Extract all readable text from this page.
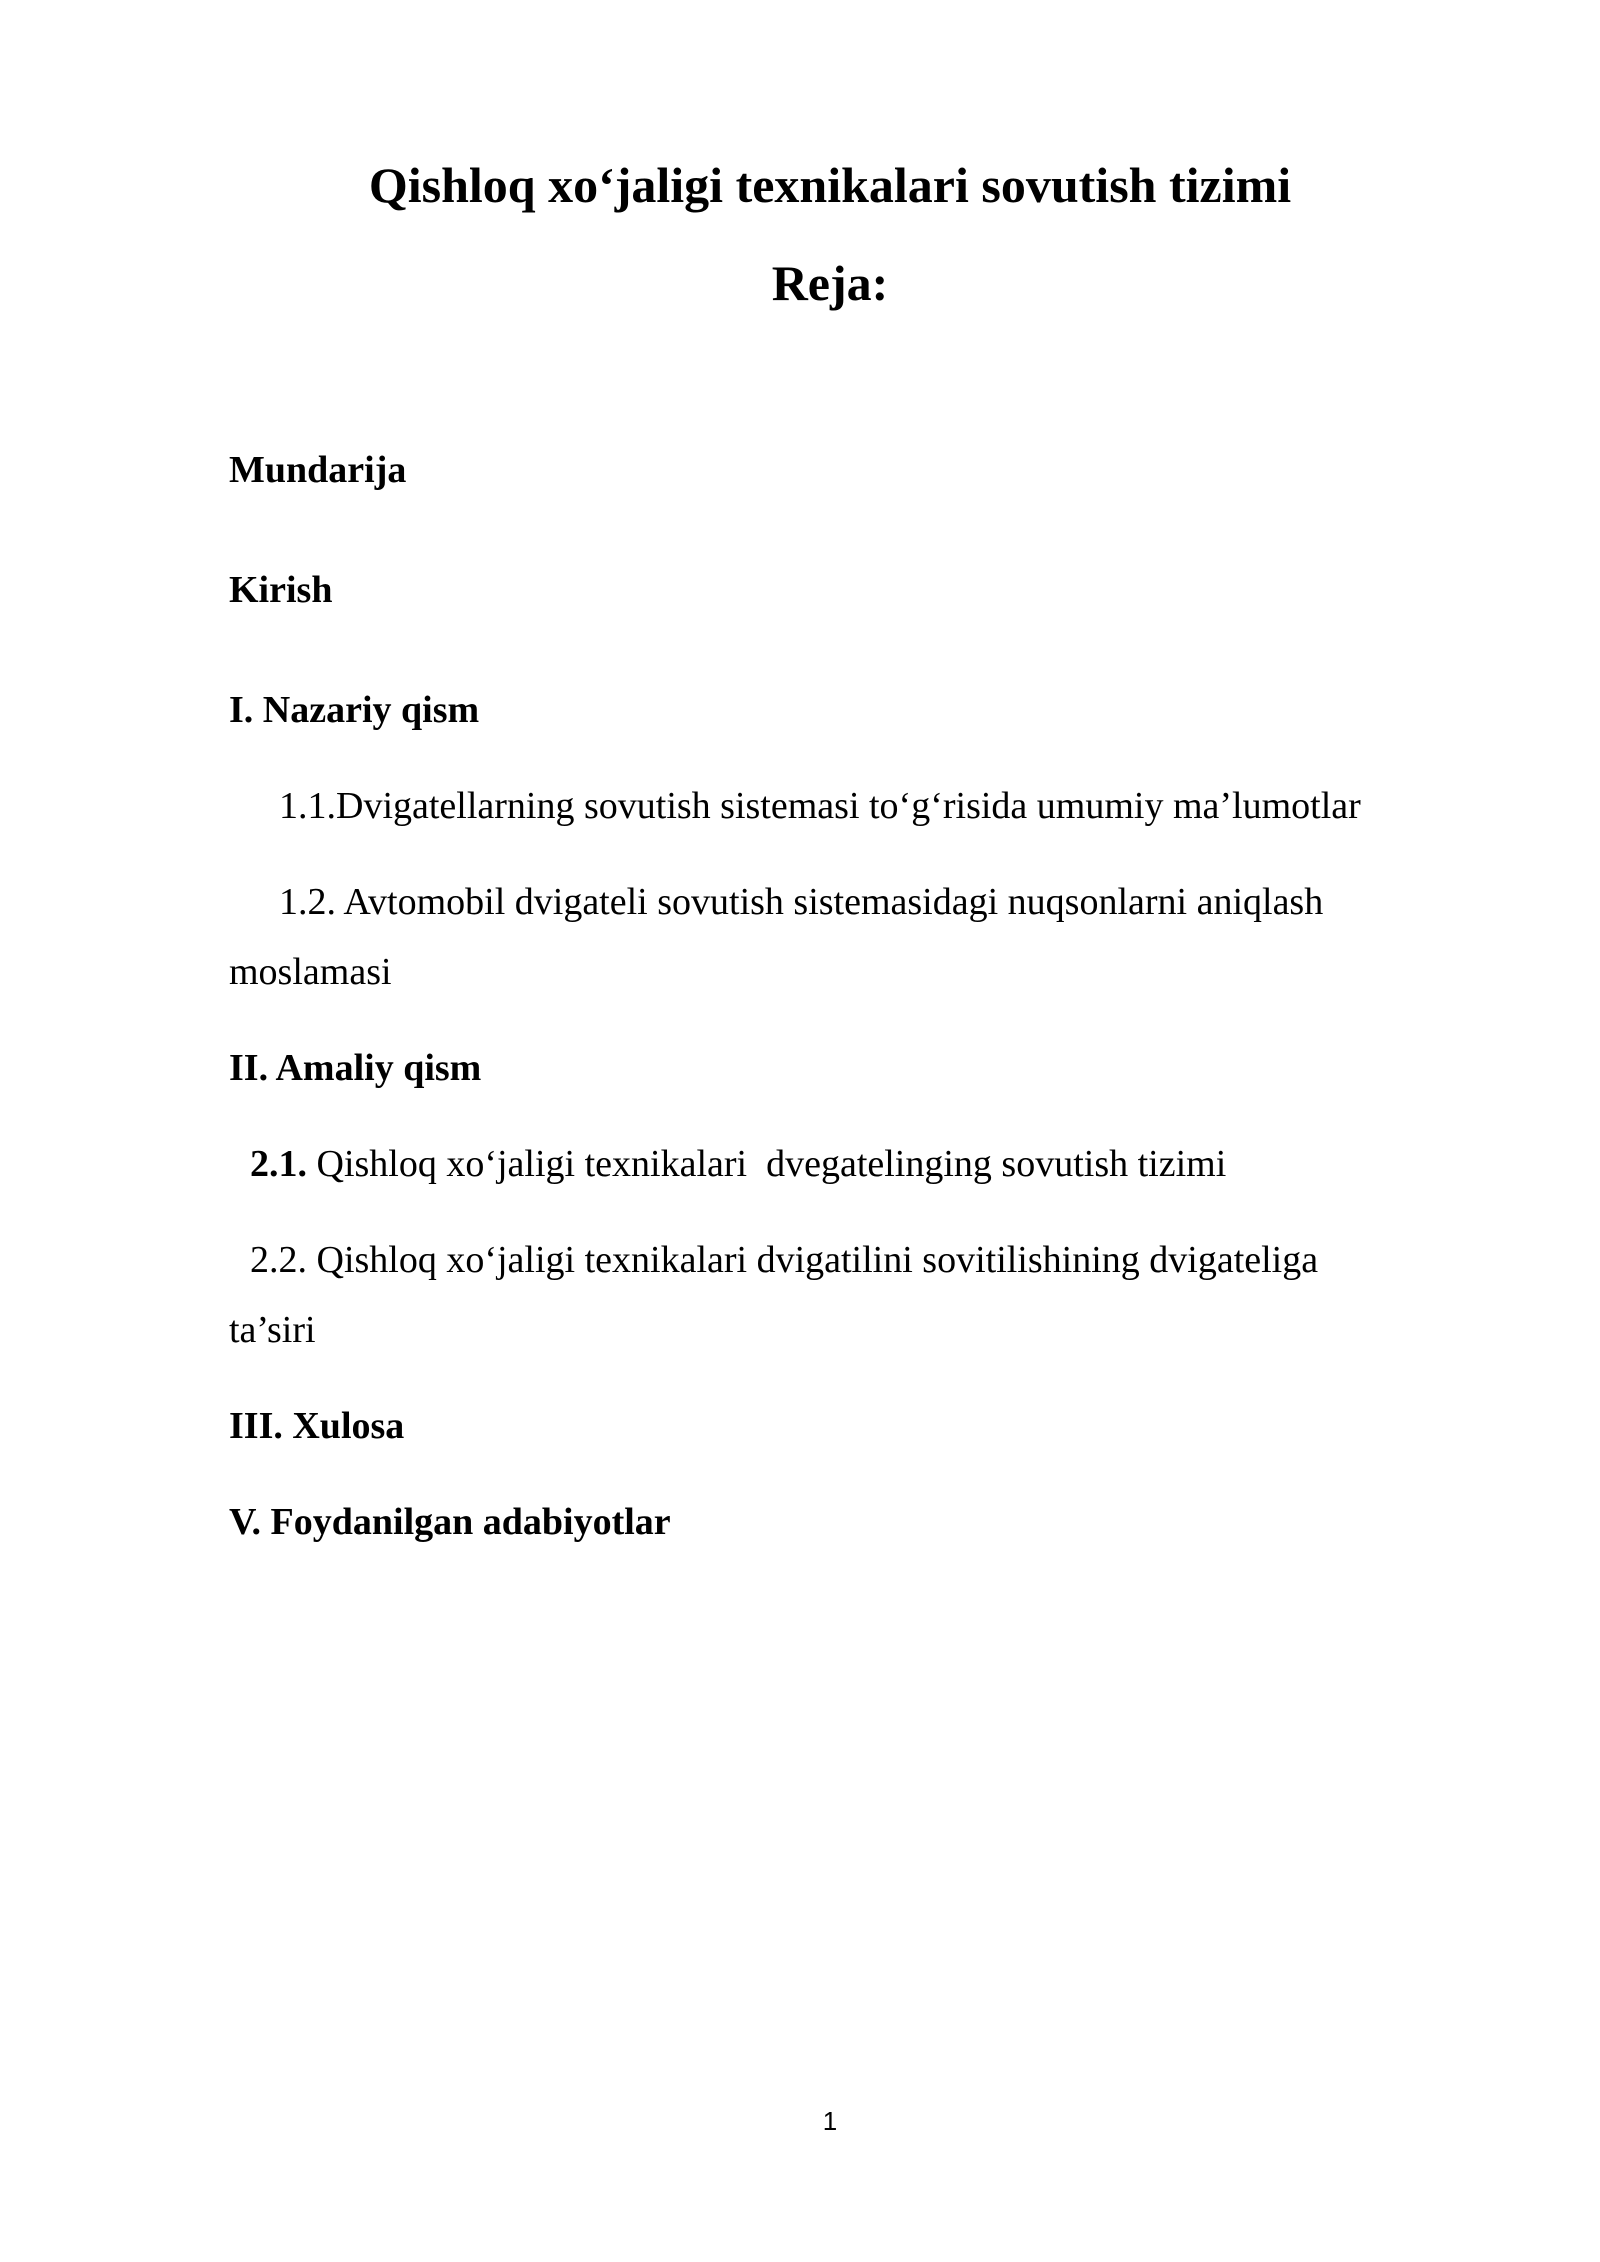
Qishloq xo‘jaligi texnikalari sovutish tizimi
Reja:
Mundarija
Kirish
I. Nazariy qism
1.1.Dvigatellarning sovutish sistemasi to‘g‘risida umumiy ma’lumotlar
1.2. Avtomobil dvigateli sovutish sistemasidagi nuqsonlarni aniqlash
moslamasi
II. Amaliy qism
2.1. Qishloq xo‘jaligi texnikalari  dvegatelinging sovutish tizimi
2.2. Qishloq xo‘jaligi texnikalari dvigatilini sovitilishining dvigateliga
ta’siri
III. Xulosa
V. Foydanilgan adabiyotlar
1
